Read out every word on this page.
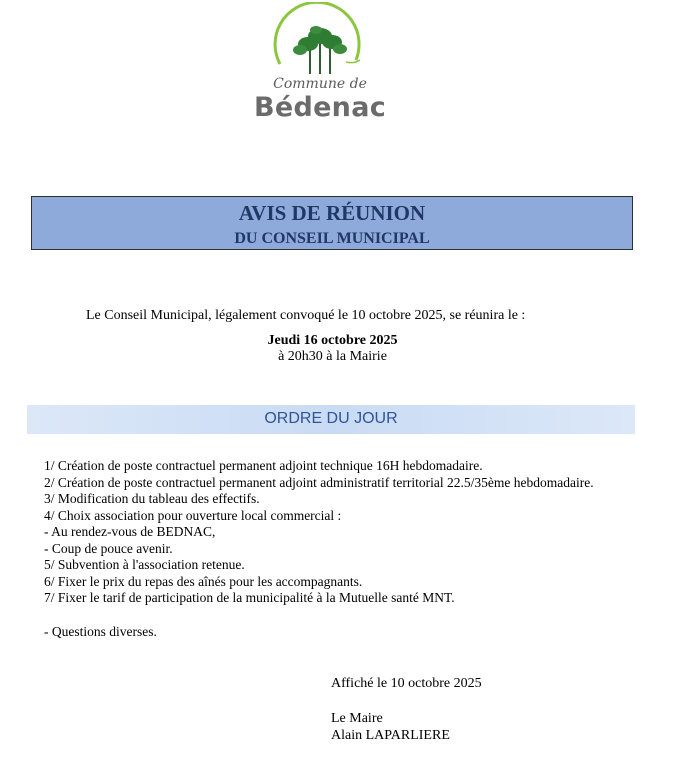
Commune de
Bédenac
AVIS DE RÉUNION
DU CONSEIL MUNICIPAL
Le Conseil Municipal, légalement convoqué le 10 octobre 2025, se réunira le :
Jeudi 16 octobre 2025
à 20h30 à la Mairie
ORDRE DU JOUR
1/ Création de poste contractuel permanent adjoint technique 16H hebdomadaire.
2/ Création de poste contractuel permanent adjoint administratif territorial 22.5/35ème hebdomadaire.
3/ Modification du tableau des effectifs.
4/ Choix association pour ouverture local commercial :
- Au rendez-vous de BEDNAC,
- Coup de pouce avenir.
5/ Subvention à l'association retenue.
6/ Fixer le prix du repas des aînés pour les accompagnants.
7/ Fixer le tarif de participation de la municipalité à la Mutuelle santé MNT.
- Questions diverses.
Affiché le 10 octobre 2025
Le Maire
Alain LAPARLIERE
